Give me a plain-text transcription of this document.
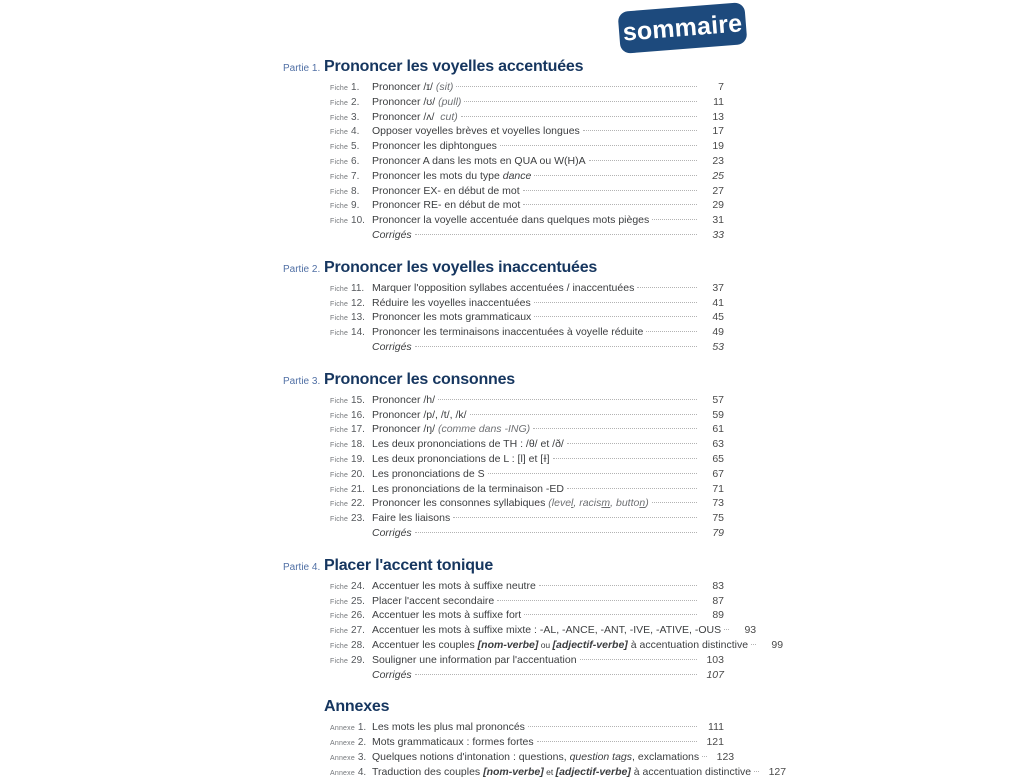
sommaire
Partie 1. Prononcer les voyelles accentuées
Fiche 1.	Prononcer /ɪ/ (sit)	7
Fiche 2.	Prononcer /ʊ/ (pull)	11
Fiche 3.	Prononcer /ʌ/  cut)	13
Fiche 4.	Opposer voyelles brèves et voyelles longues	17
Fiche 5.	Prononcer les diphtongues	19
Fiche 6.	Prononcer A dans les mots en QUA ou W(H)A	23
Fiche 7.	Prononcer les mots du type dance	25
Fiche 8.	Prononcer EX- en début de mot	27
Fiche 9.	Prononcer RE- en début de mot	29
Fiche 10. Prononcer la voyelle accentuée dans quelques mots pièges	31
Corrigés	33
Partie 2. Prononcer les voyelles inaccentuées
Fiche 11. Marquer l'opposition syllabes accentuées / inaccentuées	37
Fiche 12. Réduire les voyelles inaccentuées	41
Fiche 13. Prononcer les mots grammaticaux	45
Fiche 14. Prononcer les terminaisons inaccentuées à voyelle réduite	49
Corrigés	53
Partie 3. Prononcer les consonnes
Fiche 15. Prononcer /h/	57
Fiche 16. Prononcer /p/, /t/, /k/	59
Fiche 17. Prononcer /ŋ/ (comme dans -ING)	61
Fiche 18. Les deux prononciations de TH : /θ/ et /ð/	63
Fiche 19. Les deux prononciations de L : [l] et [ɫ]	65
Fiche 20. Les prononciations de S	67
Fiche 21. Les prononciations de la terminaison -ED	71
Fiche 22. Prononcer les consonnes syllabiques (level, racism, button)	73
Fiche 23. Faire les liaisons	75
Corrigés	79
Partie 4. Placer l'accent tonique
Fiche 24. Accentuer les mots à suffixe neutre	83
Fiche 25. Placer l'accent secondaire	87
Fiche 26. Accentuer les mots à suffixe fort	89
Fiche 27. Accentuer les mots à suffixe mixte : -AL, -ANCE, -ANT, -IVE, -ATIVE, -OUS	93
Fiche 28. Accentuer les couples [nom-verbe] ou [adjectif-verbe] à accentuation distinctive	99
Fiche 29. Souligner une information par l'accentuation	103
Corrigés	107
Annexes
Annexe 1. Les mots les plus mal prononcés	111
Annexe 2. Mots grammaticaux : formes fortes	121
Annexe 3. Quelques notions d'intonation : questions, question tags, exclamations	123
Annexe 4. Traduction des couples [nom-verbe] et [adjectif-verbe] à accentuation distinctive	127
